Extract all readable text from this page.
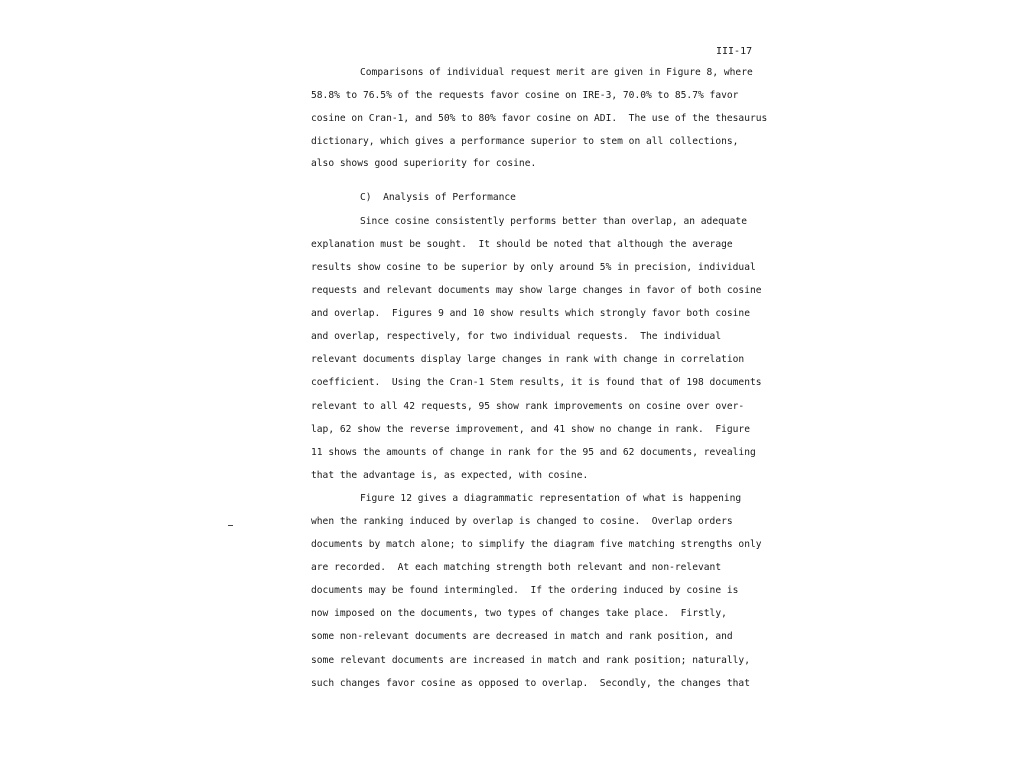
III-17
Comparisons of individual request merit are given in Figure 8, where
58.8% to 76.5% of the requests favor cosine on IRE-3, 70.0% to 85.7% favor
cosine on Cran-1, and 50% to 80% favor cosine on ADI.  The use of the thesaurus
dictionary, which gives a performance superior to stem on all collections,
also shows good superiority for cosine.
C)  Analysis of Performance
Since cosine consistently performs better than overlap, an adequate
explanation must be sought.  It should be noted that although the average
results show cosine to be superior by only around 5% in precision, individual
requests and relevant documents may show large changes in favor of both cosine
and overlap.  Figures 9 and 10 show results which strongly favor both cosine
and overlap, respectively, for two individual requests.  The individual
relevant documents display large changes in rank with change in correlation
coefficient.  Using the Cran-1 Stem results, it is found that of 198 documents
relevant to all 42 requests, 95 show rank improvements on cosine over over-
lap, 62 show the reverse improvement, and 41 show no change in rank.  Figure
11 shows the amounts of change in rank for the 95 and 62 documents, revealing
that the advantage is, as expected, with cosine.
Figure 12 gives a diagrammatic representation of what is happening
when the ranking induced by overlap is changed to cosine.  Overlap orders
documents by match alone; to simplify the diagram five matching strengths only
are recorded.  At each matching strength both relevant and non-relevant
documents may be found intermingled.  If the ordering induced by cosine is
now imposed on the documents, two types of changes take place.  Firstly,
some non-relevant documents are decreased in match and rank position, and
some relevant documents are increased in match and rank position; naturally,
such changes favor cosine as opposed to overlap.  Secondly, the changes that
